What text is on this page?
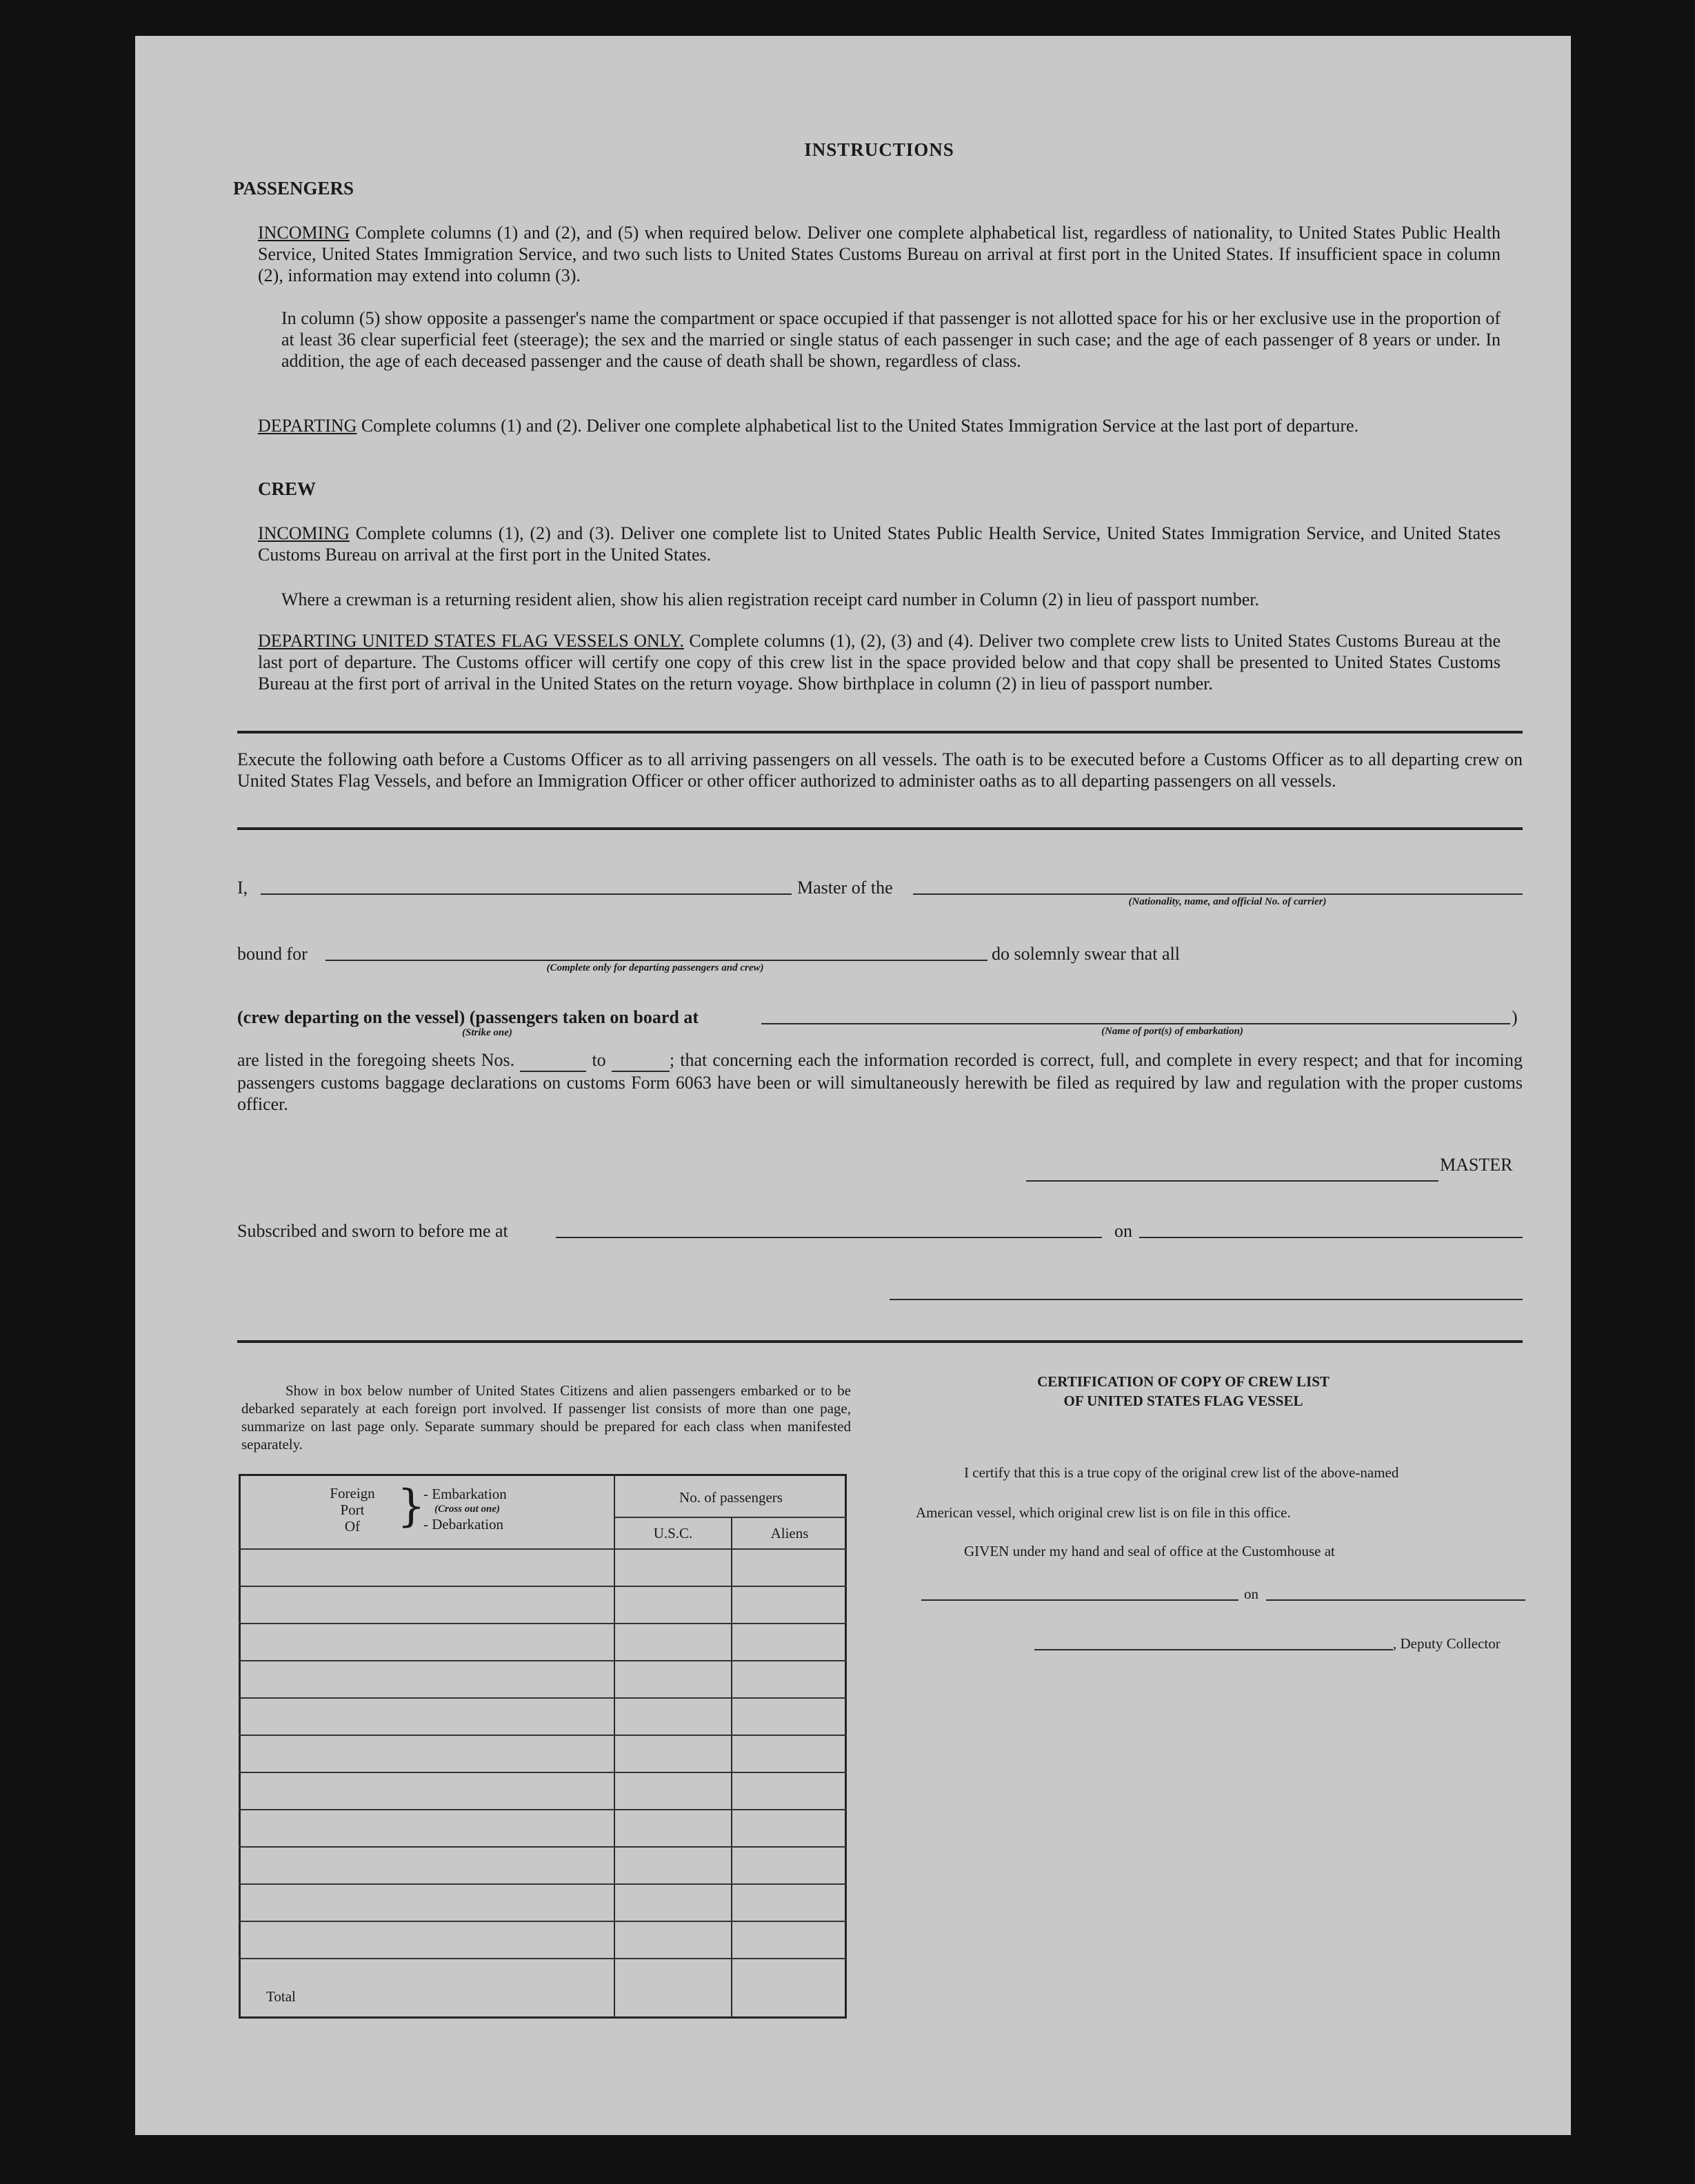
INSTRUCTIONS
PASSENGERS
INCOMING Complete columns (1) and (2), and (5) when required below. Deliver one complete alphabetical list, regardless of nationality, to United States Public Health Service, United States Immigration Service, and two such lists to United States Customs Bureau on arrival at first port in the United States. If insufficient space in column (2), information may extend into column (3).
In column (5) show opposite a passenger's name the compartment or space occupied if that passenger is not allotted space for his or her exclusive use in the proportion of at least 36 clear superficial feet (steerage); the sex and the married or single status of each passenger in such case; and the age of each passenger of 8 years or under. In addition, the age of each deceased passenger and the cause of death shall be shown, regardless of class.
DEPARTING Complete columns (1) and (2). Deliver one complete alphabetical list to the United States Immigration Service at the last port of departure.
CREW
INCOMING Complete columns (1), (2) and (3). Deliver one complete list to United States Public Health Service, United States Immigration Service, and United States Customs Bureau on arrival at the first port in the United States.
Where a crewman is a returning resident alien, show his alien registration receipt card number in Column (2) in lieu of passport number.
DEPARTING UNITED STATES FLAG VESSELS ONLY. Complete columns (1), (2), (3) and (4). Deliver two complete crew lists to United States Customs Bureau at the last port of departure. The Customs officer will certify one copy of this crew list in the space provided below and that copy shall be presented to United States Customs Bureau at the first port of arrival in the United States on the return voyage. Show birthplace in column (2) in lieu of passport number.
Execute the following oath before a Customs Officer as to all arriving passengers on all vessels. The oath is to be executed before a Customs Officer as to all departing crew on United States Flag Vessels, and before an Immigration Officer or other officer authorized to administer oaths as to all departing passengers on all vessels.
I,	Master of the
(Nationality, name, and official No. of carrier)
bound for
(Complete only for departing passengers and crew)
do solemnly swear that all
(crew departing on the vessel) (passengers taken on board at
(Strike one)	(Name of port(s) of embarkation)
)
are listed in the foregoing sheets Nos.	to	; that concerning each the information recorded is correct, full, and complete in every respect; and that for incoming passengers customs baggage declarations on customs Form 6063 have been or will simultaneously herewith be filed as required by law and regulation with the proper customs officer.
MASTER
Subscribed and sworn to before me at	on
Show in box below number of United States Citizens and alien passengers embarked or to be debarked separately at each foreign port involved. If passenger list consists of more than one page, summarize on last page only. Separate summary should be prepared for each class when manifested separately.
Foreign
Port
Of }
- Embarkation
(Cross out one)
- Debarkation
No. of passengers
U.S.C.	Aliens
Total
CERTIFICATION OF COPY OF CREW LIST
OF UNITED STATES FLAG VESSEL
I certify that this is a true copy of the original crew list of the above-named
American vessel, which original crew list is on file in this office.
GIVEN under my hand and seal of office at the Customhouse at
on
, Deputy Collector
